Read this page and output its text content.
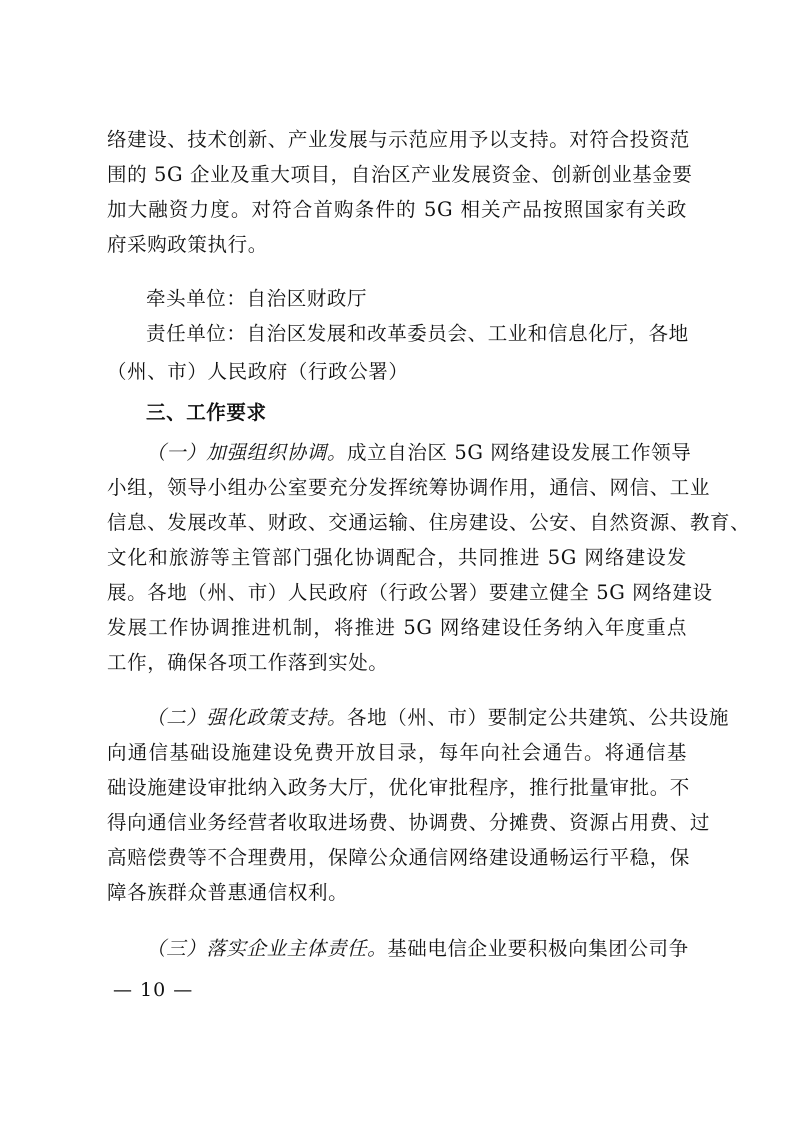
络建设、技术创新、产业发展与示范应用予以支持。对符合投资范
围的 5G 企业及重大项目，自治区产业发展资金、创新创业基金要
加大融资力度。对符合首购条件的 5G 相关产品按照国家有关政
府采购政策执行。
牵头单位：自治区财政厅
责任单位：自治区发展和改革委员会、工业和信息化厅，各地
（州、市）人民政府（行政公署）
三、工作要求
（一）加强组织协调。成立自治区 5G 网络建设发展工作领导
小组，领导小组办公室要充分发挥统筹协调作用，通信、网信、工业
信息、发展改革、财政、交通运输、住房建设、公安、自然资源、教育、
文化和旅游等主管部门强化协调配合，共同推进 5G 网络建设发
展。各地（州、市）人民政府（行政公署）要建立健全 5G 网络建设
发展工作协调推进机制，将推进 5G 网络建设任务纳入年度重点
工作，确保各项工作落到实处。
（二）强化政策支持。各地（州、市）要制定公共建筑、公共设施
向通信基础设施建设免费开放目录，每年向社会通告。将通信基
础设施建设审批纳入政务大厅，优化审批程序，推行批量审批。不
得向通信业务经营者收取进场费、协调费、分摊费、资源占用费、过
高赔偿费等不合理费用，保障公众通信网络建设通畅运行平稳，保
障各族群众普惠通信权利。
（三）落实企业主体责任。基础电信企业要积极向集团公司争
— 10 —
